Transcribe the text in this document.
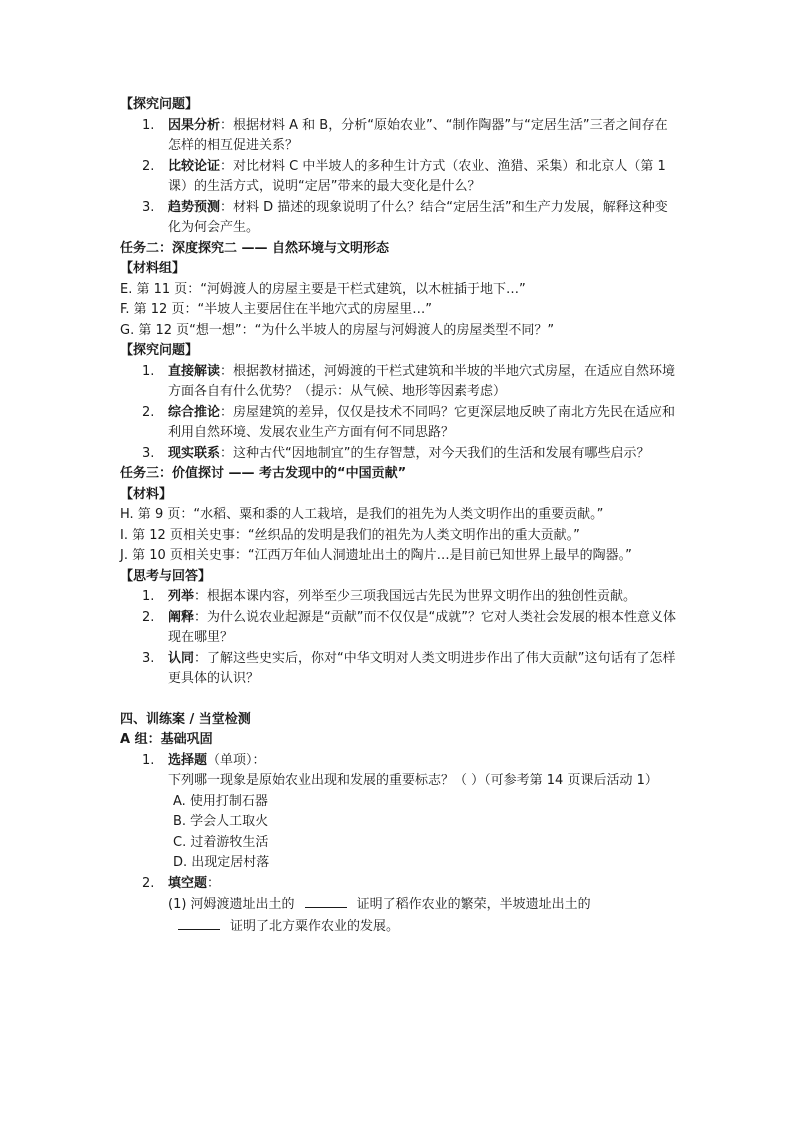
【探究问题】
1.	因果分析：根据材料 A 和 B，分析“原始农业”、“制作陶器”与“定居生活”三者之间存在怎样的相互促进关系？
2.	比较论证：对比材料 C 中半坡人的多种生计方式（农业、渔猎、采集）和北京人（第 1 课）的生活方式，说明“定居”带来的最大变化是什么？
3.	趋势预测：材料 D 描述的现象说明了什么？结合“定居生活”和生产力发展，解释这种变化为何会产生。
任务二：深度探究二 —— 自然环境与文明形态
【材料组】
E. 第 11 页：“河姆渡人的房屋主要是干栏式建筑，以木桩插于地下…”
F. 第 12 页：“半坡人主要居住在半地穴式的房屋里…”
G. 第 12 页“想一想”：“为什么半坡人的房屋与河姆渡人的房屋类型不同？”
【探究问题】
1.	直接解读：根据教材描述，河姆渡的干栏式建筑和半坡的半地穴式房屋，在适应自然环境方面各自有什么优势？（提示：从气候、地形等因素考虑）
2.	综合推论：房屋建筑的差异，仅仅是技术不同吗？它更深层地反映了南北方先民在适应和利用自然环境、发展农业生产方面有何不同思路？
3.	现实联系：这种古代“因地制宜”的生存智慧，对今天我们的生活和发展有哪些启示？
任务三：价值探讨 —— 考古发现中的“中国贡献”
【材料】
H. 第 9 页：“水稻、粟和黍的人工栽培，是我们的祖先为人类文明作出的重要贡献。”
I. 第 12 页相关史事：“丝织品的发明是我们的祖先为人类文明作出的重大贡献。”
J. 第 10 页相关史事：“江西万年仙人洞遗址出土的陶片…是目前已知世界上最早的陶器。”
【思考与回答】
1.	列举：根据本课内容，列举至少三项我国远古先民为世界文明作出的独创性贡献。
2.	阐释：为什么说农业起源是“贡献”而不仅仅是“成就”？它对人类社会发展的根本性意义体现在哪里？
3.	认同：了解这些史实后，你对“中华文明对人类文明进步作出了伟大贡献”这句话有了怎样更具体的认识？
四、训练案 / 当堂检测
A 组：基础巩固
1.	选择题（单项）：
下列哪一现象是原始农业出现和发展的重要标志？（ ）（可参考第 14 页课后活动 1）
A. 使用打制石器
B. 学会人工取火
C. 过着游牧生活
D. 出现定居村落
2.	填空题：
(1) 河姆渡遗址出土的	证明了稻作农业的繁荣，半坡遗址出土的
证明了北方粟作农业的发展。
